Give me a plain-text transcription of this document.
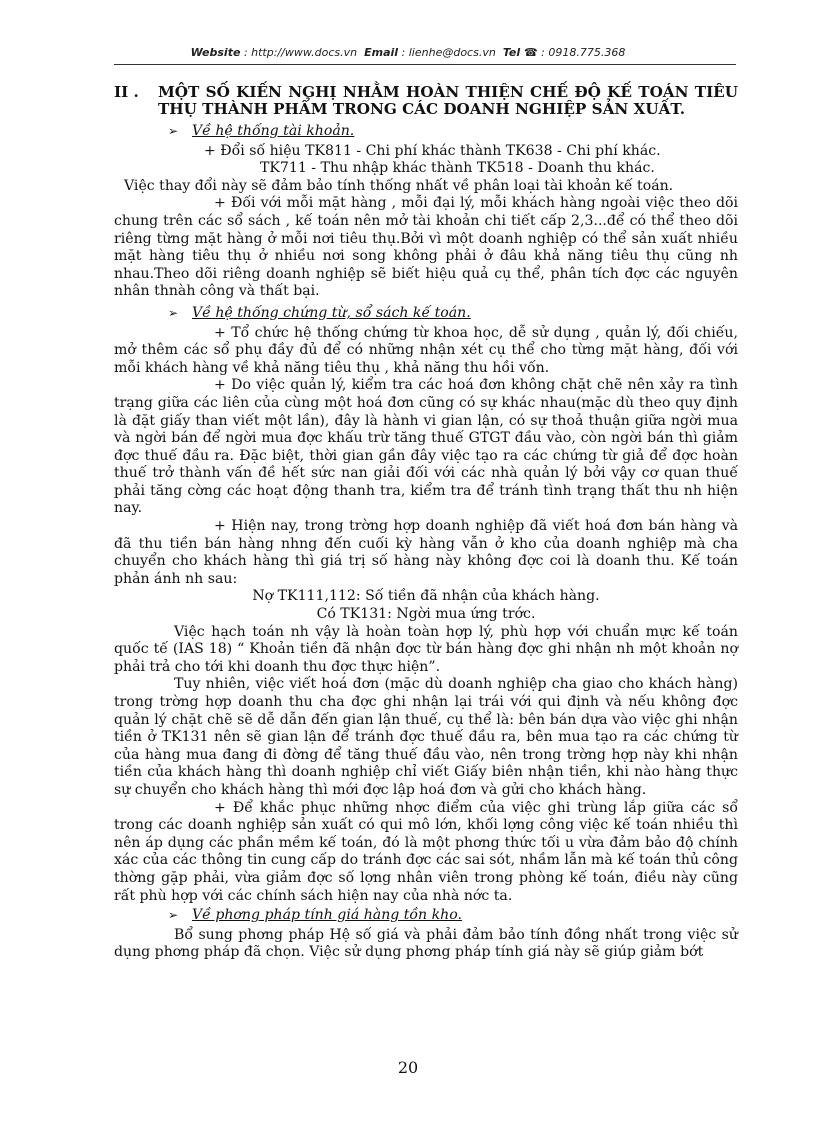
Website : http://www.docs.vn Email : lienhe@docs.vn Tel ☎ : 0918.775.368
II .	MỘT SỐ KIẾN NGHỊ NHẰM HOÀN THIỆN CHẾ ĐỘ KẾ TOÁN TIÊU THỤ THÀNH PHẨM TRONG CÁC DOANH NGHIỆP SẢN XUẤT.
➢ Về hệ thống tài khoản.

+ Đổi số hiệu TK811 - Chi phí khác thành TK638 - Chi phí khác.

TK711 - Thu nhập khác thành TK518 - Doanh thu khác.

Việc thay đổi này sẽ đảm bảo tính thống nhất về phân loại tài khoản kế toán.

+ Đối với mỗi mặt hàng , mỗi đại lý, mỗi khách hàng ngoài việc theo dõi chung trên các sổ sách , kế toán nên mở tài khoản chi tiết cấp 2,3...để có thể theo dõi riêng từng mặt hàng ở mỗi nơi tiêu thụ.Bởi vì một doanh nghiệp có thể sản xuất nhiều mặt hàng tiêu thụ ở nhiều nơi song không phải ở đâu khả năng tiêu thụ cũng nh nhau.Theo dõi riêng doanh nghiệp sẽ biết hiệu quả cụ thể, phân tích đợc các nguyên nhân thnàh công và thất bại.

➢ Về hệ thống chứng từ, sổ sách kế toán.

+ Tổ chức hệ thống chứng từ khoa học, dễ sử dụng , quản lý, đối chiếu, mở thêm các sổ phụ đầy đủ để có những nhận xét cụ thể cho từng mặt hàng, đối với mỗi khách hàng về khả năng tiêu thụ , khả năng thu hồi vốn.

+ Do việc quản lý, kiểm tra các hoá đơn không chặt chẽ nên xảy ra tình trạng giữa các liên của cùng một hoá đơn cũng có sự khác nhau(mặc dù theo quy định là đặt giấy than viết một lần), đây là hành vi gian lận, có sự thoả thuận giữa ngời mua và ngời bán để ngời mua đợc khấu trừ tăng thuế GTGT đầu vào, còn ngời bán thì giảm đợc thuế đầu ra. Đặc biệt, thời gian gần đây việc tạo ra các chứng từ giả để đợc hoàn thuế trở thành vấn đề hết sức nan giải đối với các nhà quản lý bởi vậy cơ quan thuế phải tăng cờng các hoạt động thanh tra, kiểm tra để tránh tình trạng thất thu nh hiện nay.

+ Hiện nay, trong trờng hợp doanh nghiệp đã viết hoá đơn bán hàng và đã thu tiền bán hàng nhng đến cuối kỳ hàng vẫn ở kho của doanh nghiệp mà cha chuyển cho khách hàng thì giá trị số hàng này không đợc coi là doanh thu. Kế toán phản ánh nh sau:

Nợ TK111,112: Số tiền đã nhận của khách hàng.

Có TK131: Ngời mua ứng trớc.

Việc hạch toán nh vậy là hoàn toàn hợp lý, phù hợp với chuẩn mực kế toán quốc tế (IAS 18) “ Khoản tiền đã nhận đợc từ bán hàng đợc ghi nhận nh một khoản nợ phải trả cho tới khi doanh thu đợc thực hiện”.

Tuy nhiên, việc viết hoá đơn (mặc dù doanh nghiệp cha giao cho khách hàng) trong trờng hợp doanh thu cha đợc ghi nhận lại trái với qui định và nếu không đợc quản lý chặt chẽ sẽ dễ dẫn đến gian lận thuế, cụ thể là: bên bán dựa vào việc ghi nhận tiền ở TK131 nên sẽ gian lận để tránh đợc thuế đầu ra, bên mua tạo ra các chứng từ của hàng mua đang đi đờng để tăng thuế đầu vào, nên trong trờng hợp này khi nhận tiền của khách hàng thì doanh nghiệp chỉ viết Giấy biên nhận tiền, khi nào hàng thực sự chuyển cho khách hàng thì mới đợc lập hoá đơn và gửi cho khách hàng.

+ Để khắc phục những nhợc điểm của việc ghi trùng lắp giữa các sổ trong các doanh nghiệp sản xuất có qui mô lớn, khối lợng công việc kế toán nhiều thì nên áp dụng các phần mềm kế toán, đó là một phơng thức tối u vừa đảm bảo độ chính xác của các thông tin cung cấp do tránh đợc các sai sót, nhầm lẫn mà kế toán thủ công thờng gặp phải, vừa giảm đợc số lợng nhân viên trong phòng kế toán, điều này cũng rất phù hợp với các chính sách hiện nay của nhà nớc ta.

➢ Về phơng pháp tính giá hàng tồn kho.

Bổ sung phơng pháp Hệ số giá và phải đảm bảo tính đồng nhất trong việc sử dụng phơng pháp đã chọn. Việc sử dụng phơng pháp tính giá này sẽ giúp giảm bớt

20
